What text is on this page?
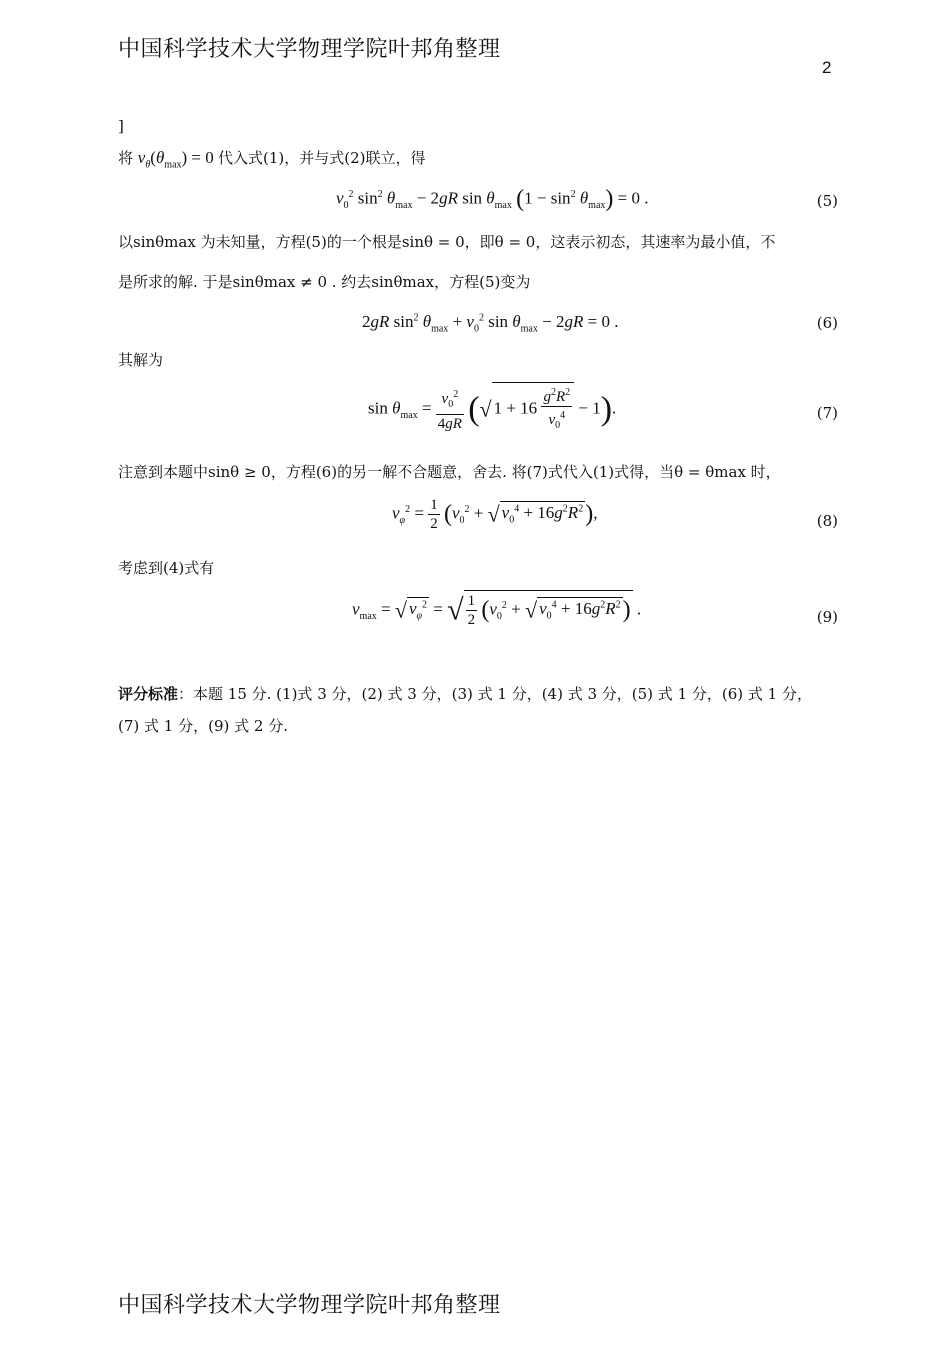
中国科学技术大学物理学院叶邦角整理
2
]
将 $v_\theta(\theta_{max}) = 0$ 代入式(1)，并与式(2)联立，得
$v_0^2$ $\sin^2 \theta_{max} - 2gR$ $\sin \theta_{max}$ $(1 - \sin^2 \theta_{max}) = 0$ .	(5)
以sinθmax 为未知量，方程(5)的一个根是sinθ = 0，即θ = 0，这表示初态，其速率为最小值，不
是所求的解. 于是sinθmax ≠ 0 . 约去sinθmax，方程(5)变为
2gR $\sin^2 \theta_{max} + v_0^2$ $\sin \theta_{max} - 2gR = 0$ .	(6)
其解为
$\sin \theta_{max} = \frac{v_0^2}{4gR}$ (√ $1 + 16 \frac{g^2R^2}{v_0^4} - 1$).	(7)
注意到本题中sinθ ≥ 0，方程(6)的另一解不合题意，舍去. 将(7)式代入(1)式得，当θ = θmax 时，
$v_\varphi^2 = \frac{1}{2} (v_0^2$ + √ $v_0^4 + 16g^2R^2$),	(8)
考虑到(4)式有
$v_{max}$ = √ $v_\varphi^2$ = √ $\frac{1}{2} (v_0^2$ + √ $v_0^4 + 16g^2R^2$) .	(9)
评分标准：本题 15 分. (1)式 3 分，(2) 式 3 分，(3) 式 1 分，(4) 式 3 分，(5) 式 1 分，(6) 式 1 分，
(7) 式 1 分，(9) 式 2 分.
中国科学技术大学物理学院叶邦角整理
